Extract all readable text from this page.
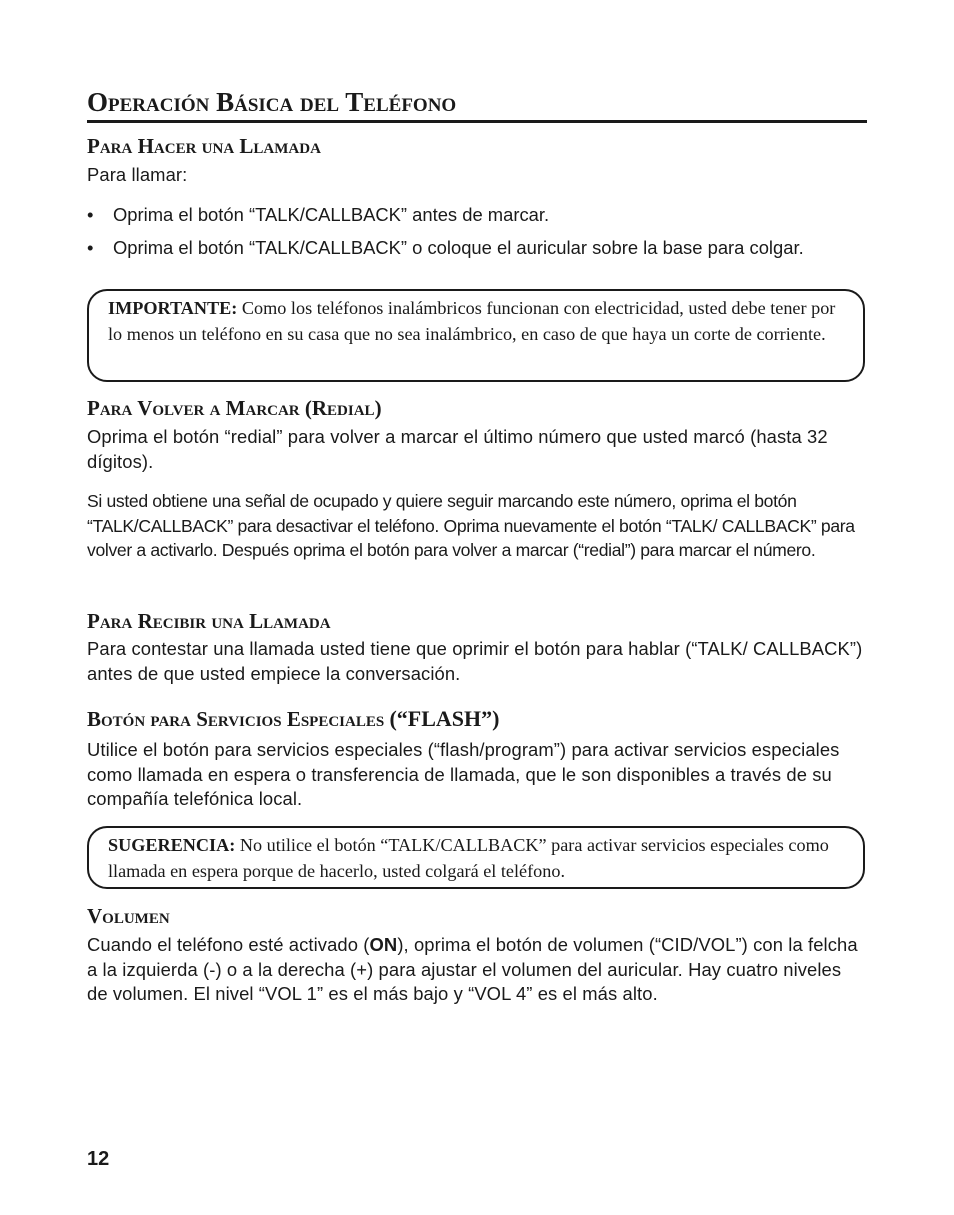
Operación Básica del Teléfono
Para Hacer una Llamada
Para llamar:
• Oprima el botón “TALK/CALLBACK” antes de marcar.
• Oprima el botón “TALK/CALLBACK” o coloque el auricular sobre la base para colgar.
IMPORTANTE: Como los teléfonos inalámbricos funcionan con electricidad, usted debe tener por lo menos un teléfono en su casa que no sea inalámbrico, en caso de que haya un corte de corriente.
Para Volver a Marcar (Redial)
Oprima el botón “redial” para volver a marcar el último número que usted marcó (hasta 32 dígitos).
Si usted obtiene una señal de ocupado y quiere seguir marcando este número, oprima el botón “TALK/CALLBACK” para desactivar el teléfono. Oprima nuevamente el botón “TALK/ CALLBACK” para volver a activarlo. Después oprima el botón para volver a marcar (“redial”) para marcar el número.
Para Recibir una Llamada
Para contestar una llamada usted tiene que oprimir el botón para hablar (“TALK/ CALLBACK”) antes de que usted empiece la conversación.
Botón para Servicios Especiales (“FLASH”)
Utilice el botón para servicios especiales (“flash/program”) para activar servicios especiales como llamada en espera o transferencia de llamada, que le son disponibles a través de su compañía telefónica local.
SUGERENCIA: No utilice el botón “TALK/CALLBACK” para activar servicios especiales como llamada en espera porque de hacerlo, usted colgará el teléfono.
Volumen
Cuando el teléfono esté activado (ON), oprima el botón de volumen (“CID/VOL”) con la felcha a la izquierda (-) o a la derecha (+) para ajustar el volumen del auricular. Hay cuatro niveles de volumen. El nivel “VOL 1” es el más bajo y “VOL 4” es el más alto.
12
